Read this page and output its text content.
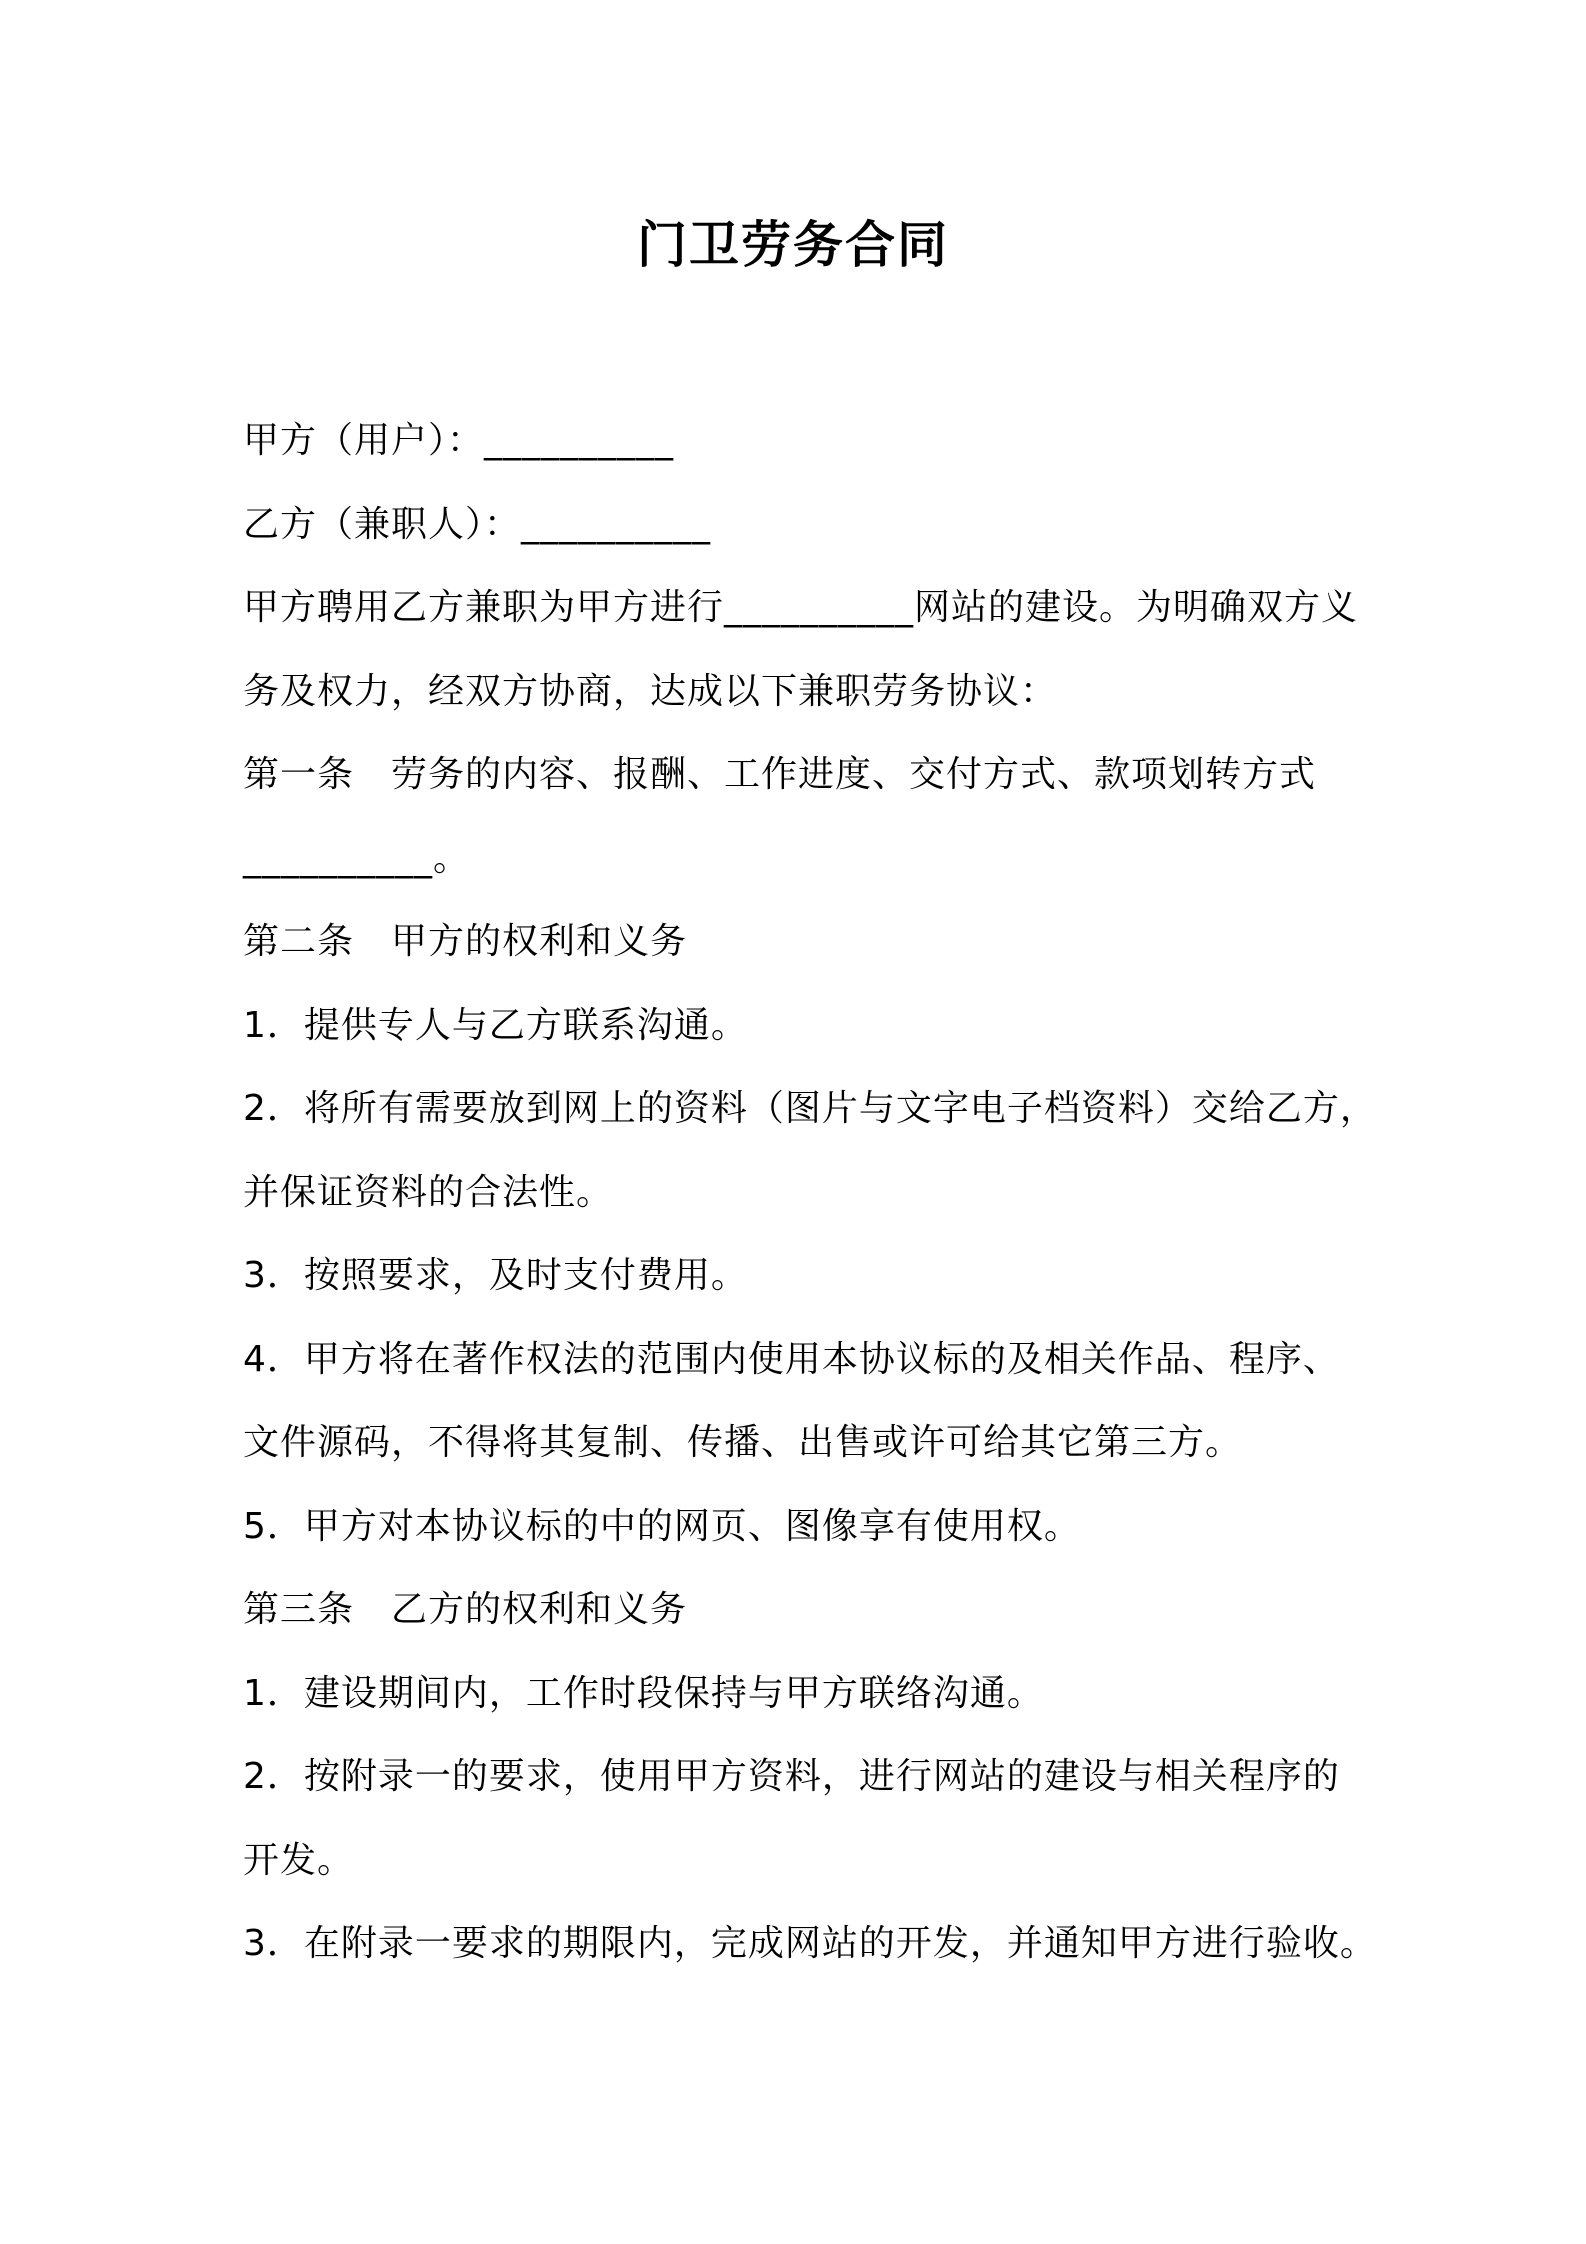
门卫劳务合同
甲方（用户）：__________
乙方（兼职人）：__________
甲方聘用乙方兼职为甲方进行__________网站的建设。为明确双方义
务及权力，经双方协商，达成以下兼职劳务协议：
第一条　劳务的内容、报酬、工作进度、交付方式、款项划转方式
__________。
第二条　甲方的权利和义务
1．提供专人与乙方联系沟通。
2．将所有需要放到网上的资料（图片与文字电子档资料）交给乙方，
并保证资料的合法性。
3．按照要求，及时支付费用。
4．甲方将在著作权法的范围内使用本协议标的及相关作品、程序、
文件源码，不得将其复制、传播、出售或许可给其它第三方。
5．甲方对本协议标的中的网页、图像享有使用权。
第三条　乙方的权利和义务
1．建设期间内，工作时段保持与甲方联络沟通。
2．按附录一的要求，使用甲方资料，进行网站的建设与相关程序的
开发。
3．在附录一要求的期限内，完成网站的开发，并通知甲方进行验收。
